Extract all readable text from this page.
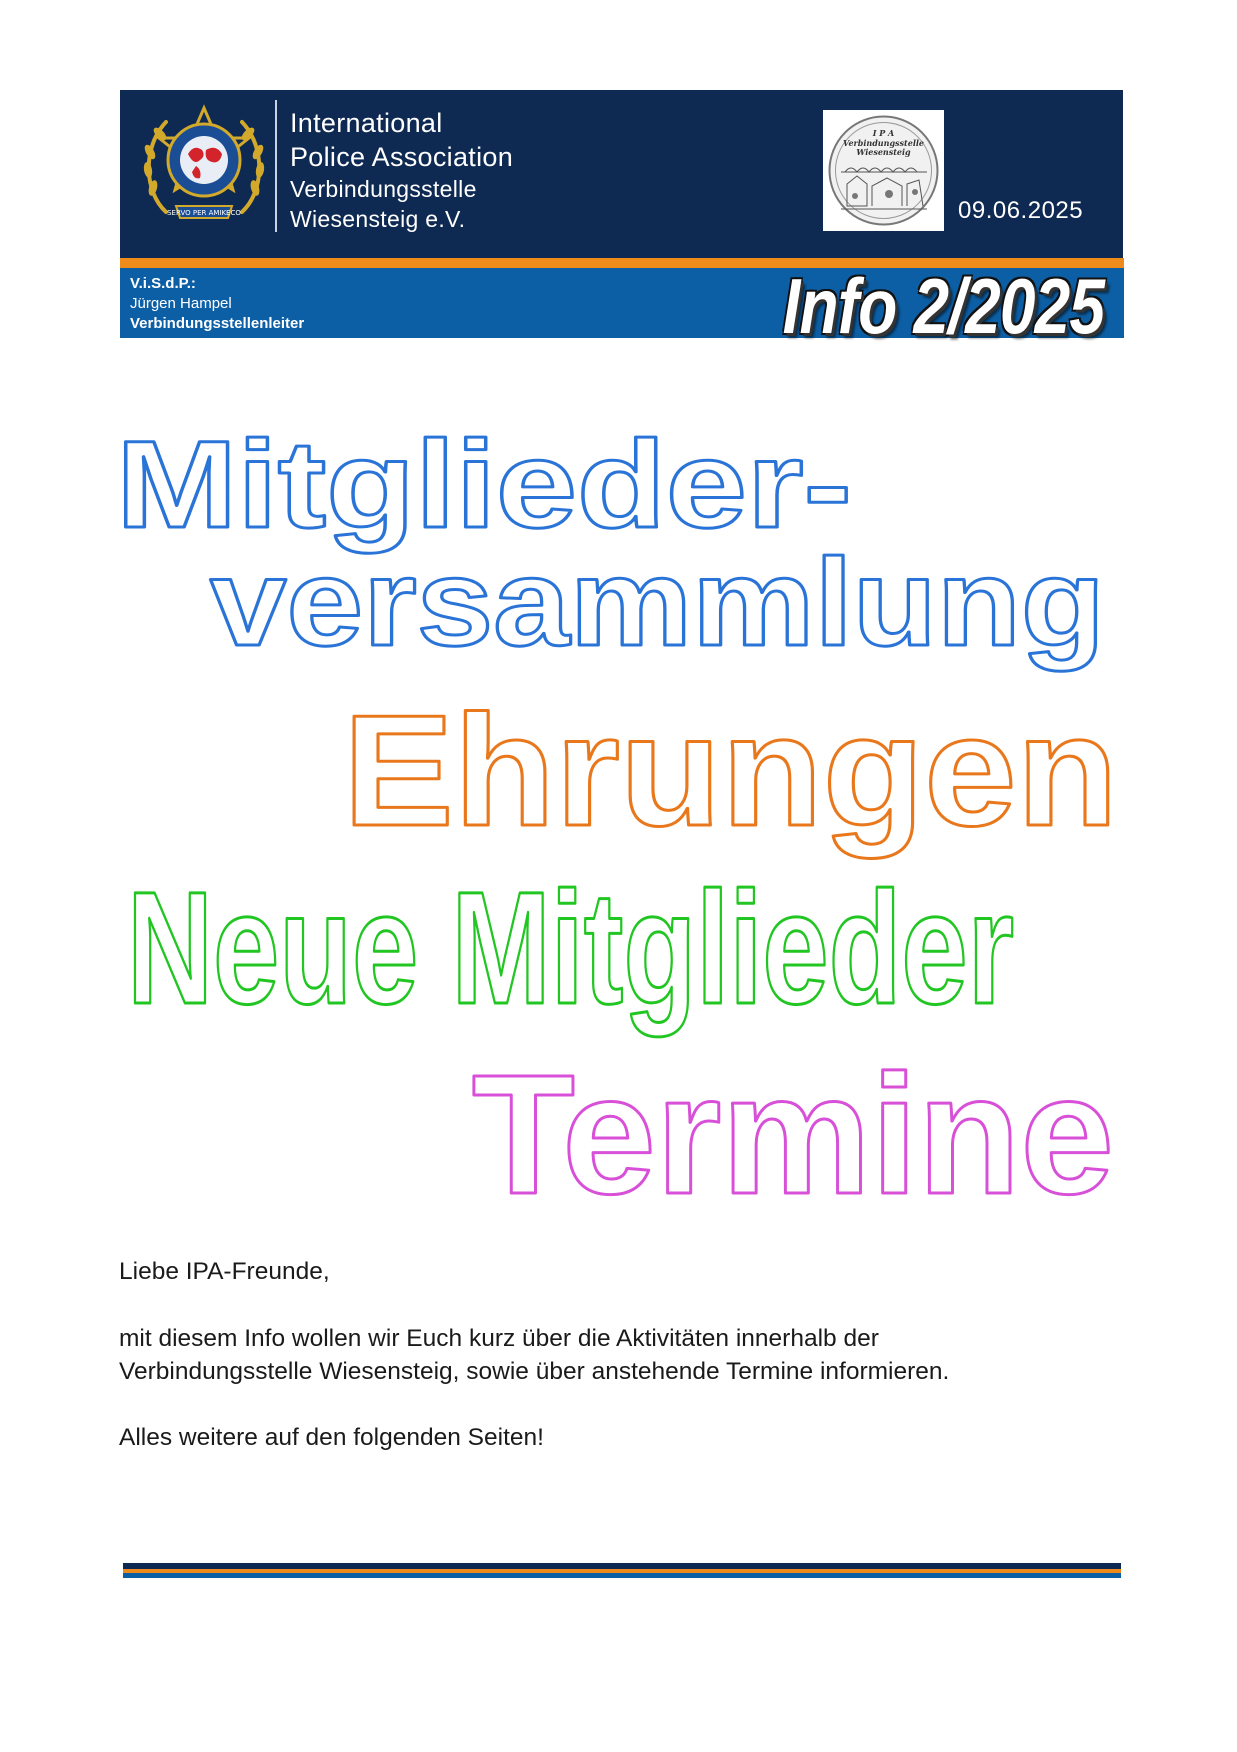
SERVO PER AMIKECO
International
Police Association
Verbindungsstelle
Wiesensteig e.V.
I P A
Verbindungsstelle
Wiesensteig
09.06.2025
V.i.S.d.P.:
Jürgen Hampel
Verbindungsstellenleiter	Info 2/2025
Mitglieder-
versammlung
Ehrungen
Neue Mitglieder
Termine
Liebe IPA-Freunde,
mit diesem Info wollen wir Euch kurz über die Aktivitäten innerhalb der
Verbindungsstelle Wiesensteig, sowie über anstehende Termine informieren.
Alles weitere auf den folgenden Seiten!
